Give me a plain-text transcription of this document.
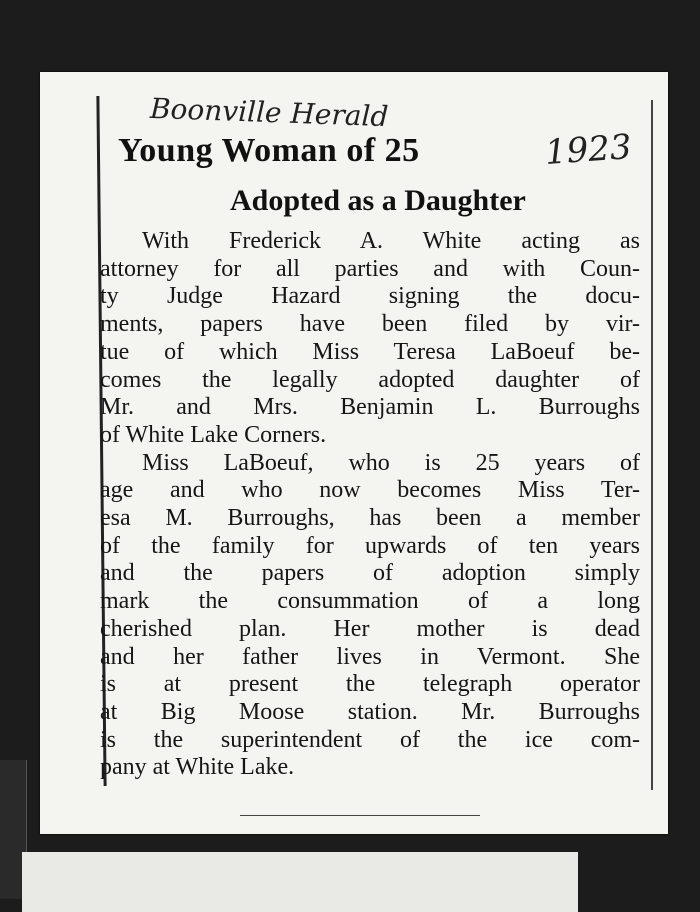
Boonville Herald
1923
Young Woman of 25
Adopted as a Daughter
With Frederick A. White acting as
attorney for all parties and with Coun-
ty Judge Hazard signing the docu-
ments, papers have been filed by vir-
tue of which Miss Teresa LaBoeuf be-
comes the legally adopted daughter of
Mr. and Mrs. Benjamin L. Burroughs
of White Lake Corners.
Miss LaBoeuf, who is 25 years of
age and who now becomes Miss Ter-
esa M. Burroughs, has been a member
of the family for upwards of ten years
and the papers of adoption simply
mark the consummation of a long
cherished plan. Her mother is dead
and her father lives in Vermont. She
is at present the telegraph operator
at Big Moose station. Mr. Burroughs
is the superintendent of the ice com-
pany at White Lake.
